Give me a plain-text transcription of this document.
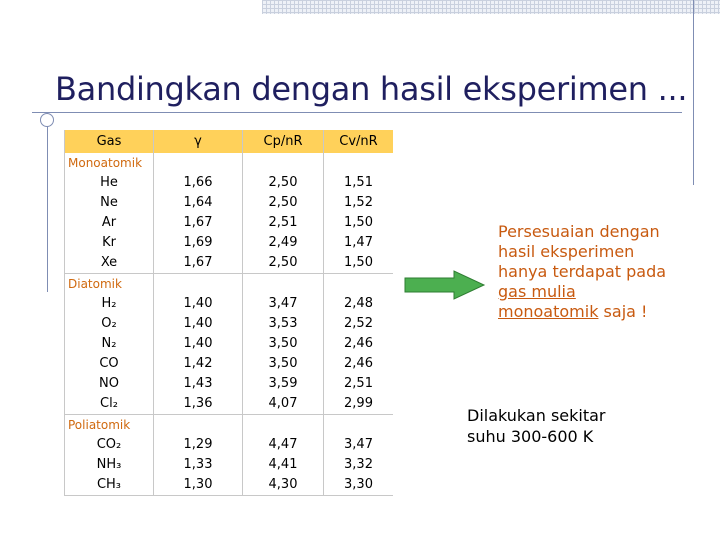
Bandingkan dengan hasil eksperimen ...
Gas	γ	Cp/nR	Cv/nR
Monoatomik			
He	1,66	2,50	1,51
Ne	1,64	2,50	1,52
Ar	1,67	2,51	1,50
Kr	1,69	2,49	1,47
Xe	1,67	2,50	1,50
Diatomik			
H₂	1,40	3,47	2,48
O₂	1,40	3,53	2,52
N₂	1,40	3,50	2,46
CO	1,42	3,50	2,46
NO	1,43	3,59	2,51
Cl₂	1,36	4,07	2,99
Poliatomik			
CO₂	1,29	4,47	3,47
NH₃	1,33	4,41	3,32
CH₃	1,30	4,30	3,30
Persesuaian dengan
hasil eksperimen
hanya terdapat pada
gas mulia
monoatomik saja !
Dilakukan sekitar
suhu 300-600 K
